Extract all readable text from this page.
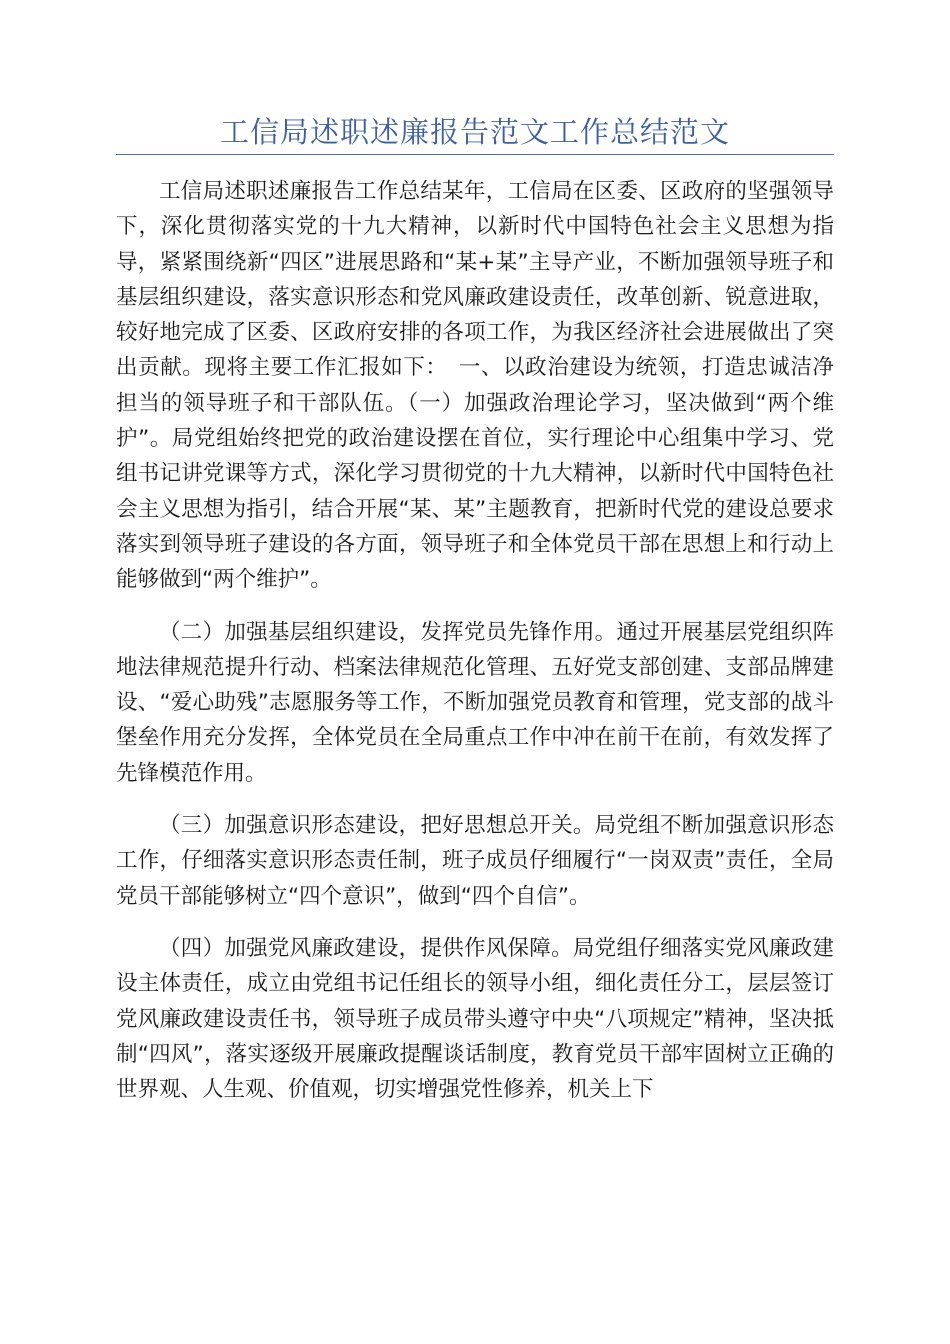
工信局述职述廉报告范文工作总结范文

工信局述职述廉报告工作总结某年，工信局在区委、区政府的坚强领导下，深化贯彻落实党的十九大精神，以新时代中国特色社会主义思想为指导，紧紧围绕新“四区”进展思路和“某+某”主导产业，不断加强领导班子和基层组织建设，落实意识形态和党风廉政建设责任，改革创新、锐意进取，较好地完成了区委、区政府安排的各项工作，为我区经济社会进展做出了突出贡献。现将主要工作汇报如下：　一、以政治建设为统领，打造忠诚洁净担当的领导班子和干部队伍。（一）加强政治理论学习，坚决做到“两个维护”。局党组始终把党的政治建设摆在首位，实行理论中心组集中学习、党组书记讲党课等方式，深化学习贯彻党的十九大精神，以新时代中国特色社会主义思想为指引，结合开展“某、某”主题教育，把新时代党的建设总要求落实到领导班子建设的各方面，领导班子和全体党员干部在思想上和行动上能够做到“两个维护”。

（二）加强基层组织建设，发挥党员先锋作用。通过开展基层党组织阵地法律规范提升行动、档案法律规范化管理、五好党支部创建、支部品牌建设、“爱心助残”志愿服务等工作，不断加强党员教育和管理，党支部的战斗堡垒作用充分发挥，全体党员在全局重点工作中冲在前干在前，有效发挥了先锋模范作用。

（三）加强意识形态建设，把好思想总开关。局党组不断加强意识形态工作，仔细落实意识形态责任制，班子成员仔细履行“一岗双责”责任，全局党员干部能够树立“四个意识”，做到“四个自信”。

（四）加强党风廉政建设，提供作风保障。局党组仔细落实党风廉政建设主体责任，成立由党组书记任组长的领导小组，细化责任分工，层层签订党风廉政建设责任书，领导班子成员带头遵守中央“八项规定”精神，坚决抵制“四风”，落实逐级开展廉政提醒谈话制度，教育党员干部牢固树立正确的世界观、人生观、价值观，切实增强党性修养，机关上下
